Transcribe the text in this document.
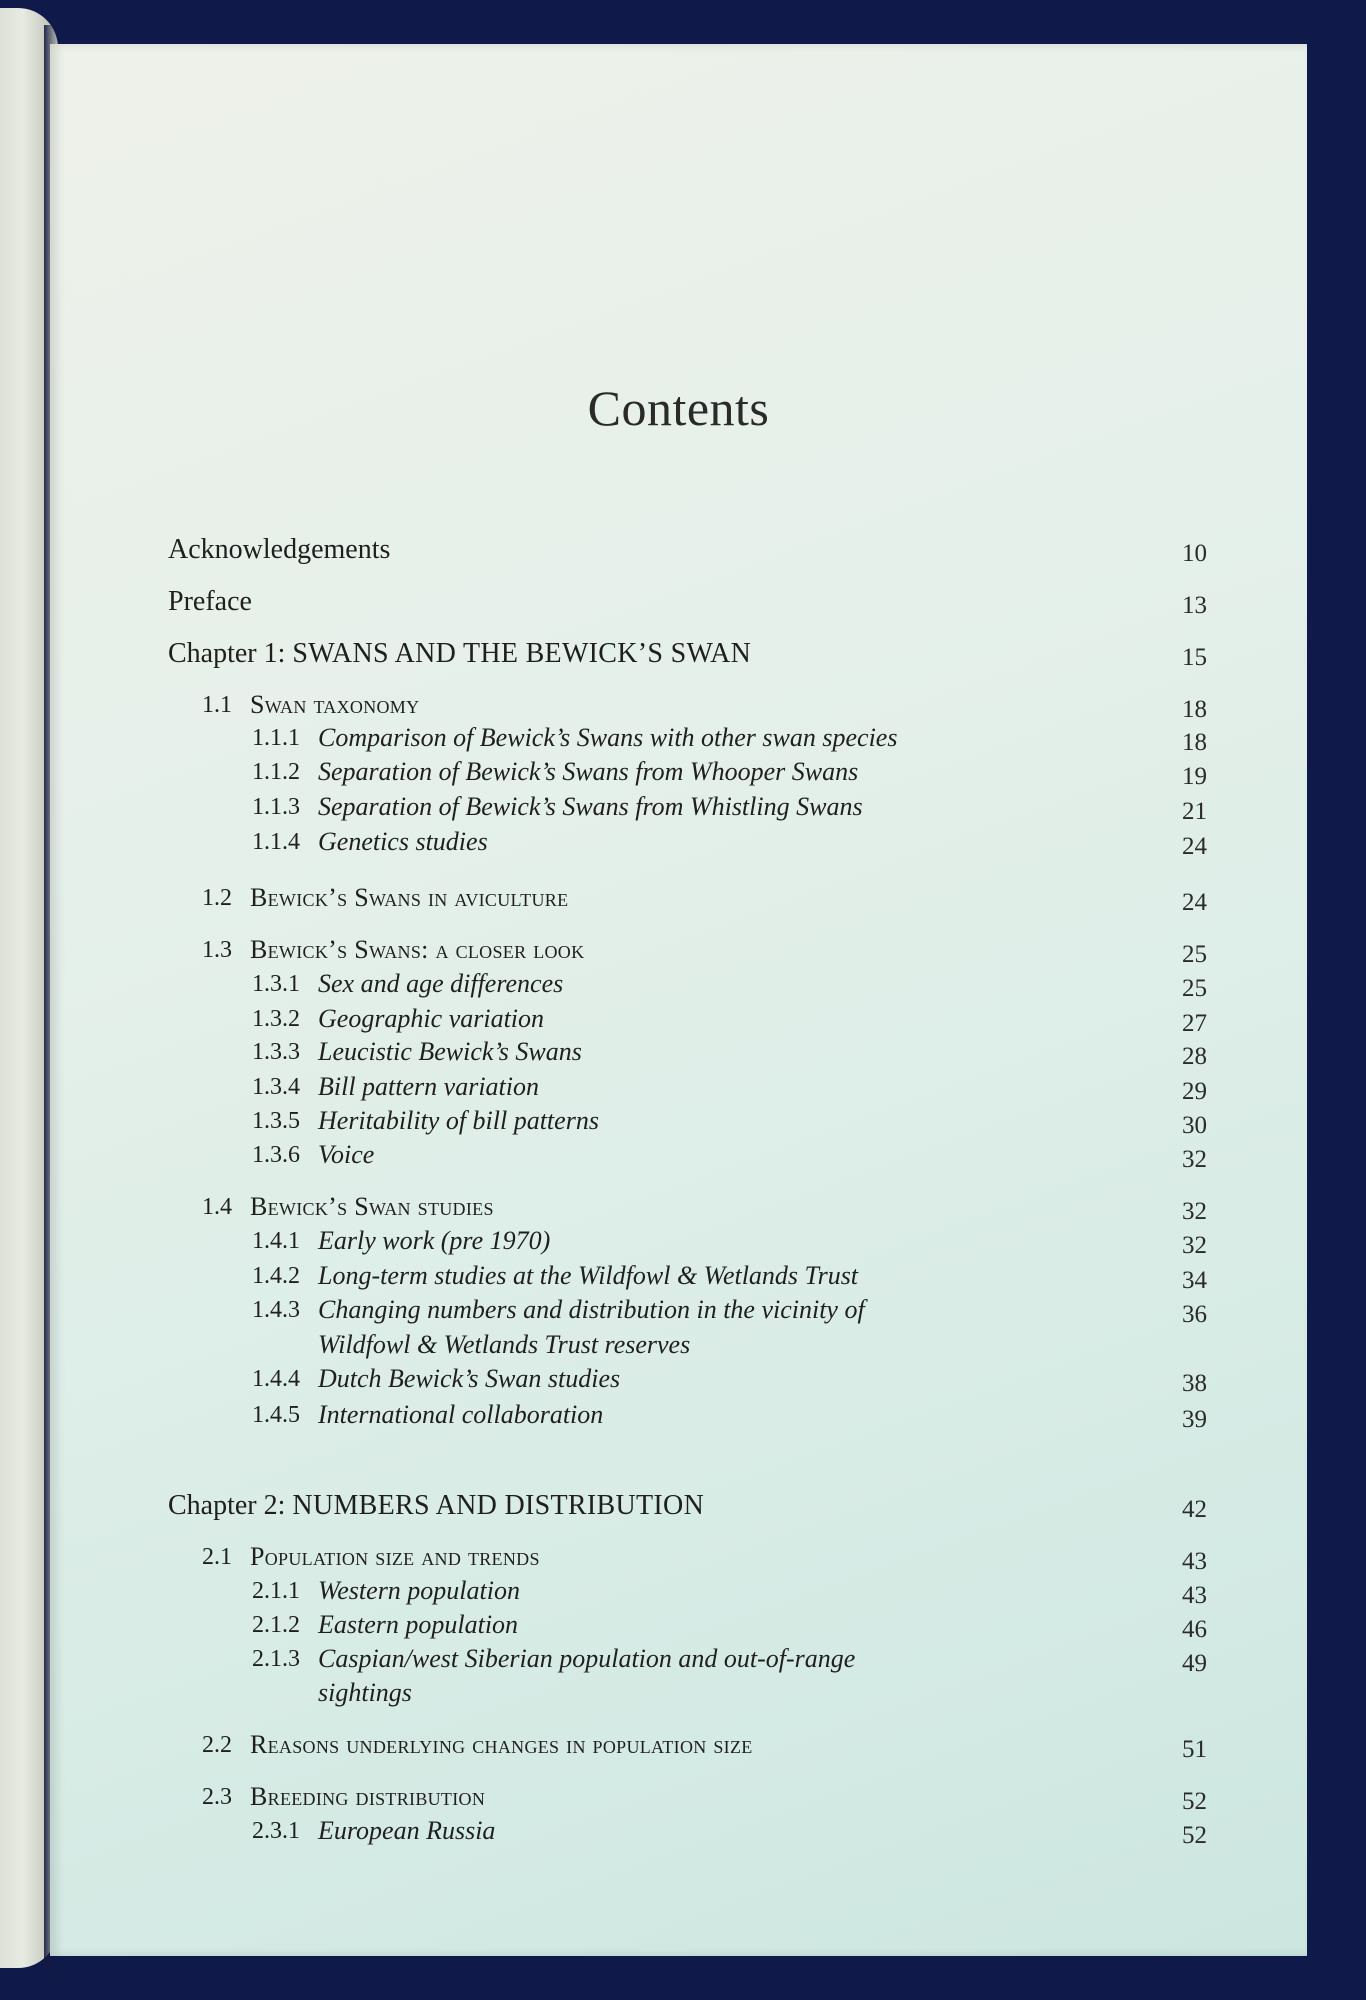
Contents
Acknowledgements	10
Preface	13
Chapter 1: SWANS AND THE BEWICK’S SWAN	15
1.1 Swan taxonomy	18
1.1.1 Comparison of Bewick’s Swans with other swan species	18
1.1.2 Separation of Bewick’s Swans from Whooper Swans	19
1.1.3 Separation of Bewick’s Swans from Whistling Swans	21
1.1.4 Genetics studies	24
1.2 Bewick’s Swans in aviculture	24
1.3 Bewick’s Swans: a closer look	25
1.3.1 Sex and age differences	25
1.3.2 Geographic variation	27
1.3.3 Leucistic Bewick’s Swans	28
1.3.4 Bill pattern variation	29
1.3.5 Heritability of bill patterns	30
1.3.6 Voice	32
1.4 Bewick’s Swan studies	32
1.4.1 Early work (pre 1970)	32
1.4.2 Long-term studies at the Wildfowl & Wetlands Trust	34
1.4.3 Changing numbers and distribution in the vicinity of	36
Wildfowl & Wetlands Trust reserves
1.4.4 Dutch Bewick’s Swan studies	38
1.4.5 International collaboration	39
Chapter 2: NUMBERS AND DISTRIBUTION	42
2.1 Population size and trends	43
2.1.1 Western population	43
2.1.2 Eastern population	46
2.1.3 Caspian/west Siberian population and out-of-range	49
sightings
2.2 Reasons underlying changes in population size	51
2.3 Breeding distribution	52
2.3.1 European Russia	52
